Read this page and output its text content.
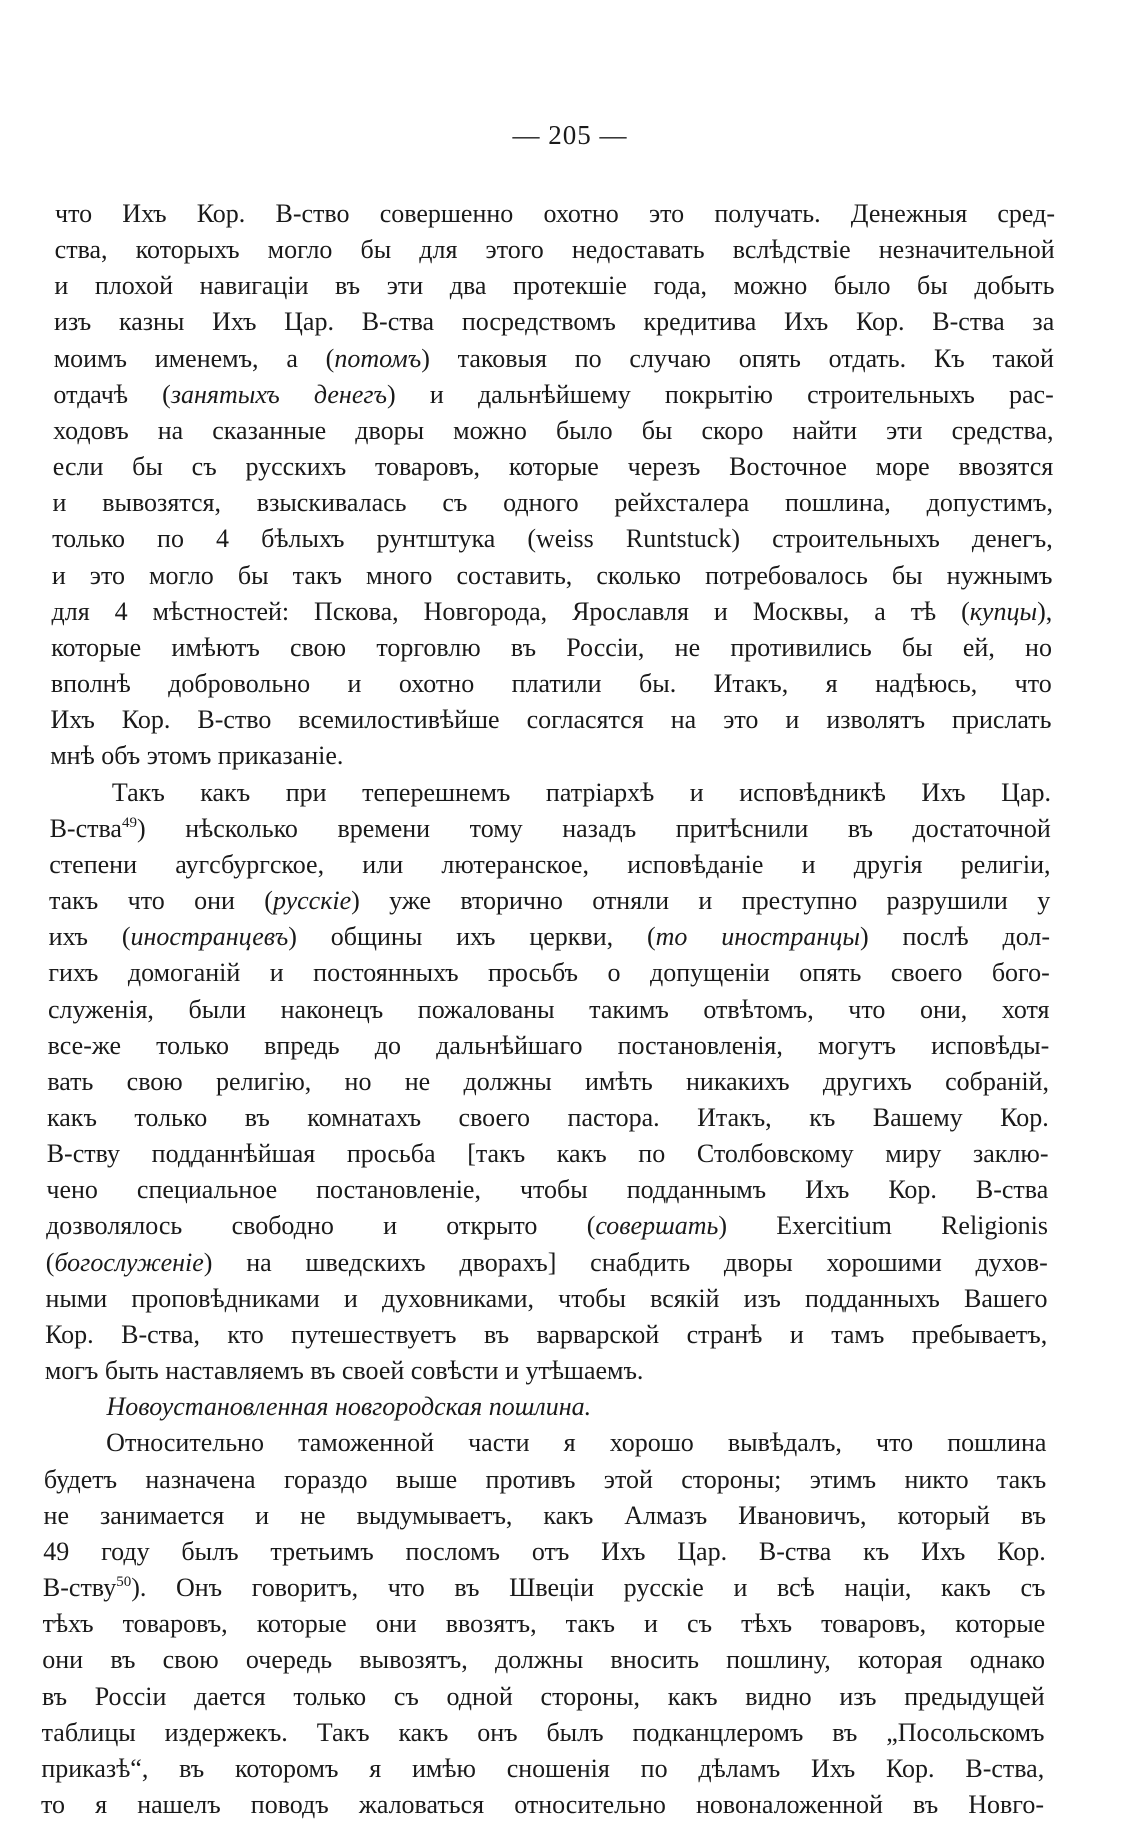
— 205 —
что Ихъ Кор. В-ство совершенно охотно это получать. Денежныя сред-
ства, которыхъ могло бы для этого недоставать вслѣдствіе незначительной
и плохой навигаціи въ эти два протекшіе года, можно было бы добыть
изъ казны Ихъ Цар. В-ства посредствомъ кредитива Ихъ Кор. В-ства за
моимъ именемъ, а (потомъ) таковыя по случаю опять отдать. Къ такой
отдачѣ (занятыхъ денегъ) и дальнѣйшему покрытію строительныхъ рас-
ходовъ на сказанные дворы можно было бы скоро найти эти средства,
если бы съ русскихъ товаровъ, которые черезъ Восточное море ввозятся
и вывозятся, взыскивалась съ одного рейхсталера пошлина, допустимъ,
только по 4 бѣлыхъ рунтштука (weiss Runtstuck) строительныхъ денегъ,
и это могло бы такъ много составить, сколько потребовалось бы нужнымъ
для 4 мѣстностей: Пскова, Новгорода, Ярославля и Москвы, а тѣ (купцы),
которые имѣютъ свою торговлю въ Россіи, не противились бы ей, но
вполнѣ добровольно и охотно платили бы. Итакъ, я надѣюсь, что
Ихъ Кор. В-ство всемилостивѣйше согласятся на это и изволятъ прислать
мнѣ объ этомъ приказаніе.
Такъ какъ при теперешнемъ патріархѣ и исповѣдникѣ Ихъ Цар.
В-ства$^{49}$) нѣсколько времени тому назадъ притѣснили въ достаточной
степени аугсбургское, или лютеранское, исповѣданіе и другія религіи,
такъ что они (русскіе) уже вторично отняли и преступно разрушили у
ихъ (иностранцевъ) общины ихъ церкви, (то иностранцы) послѣ дол-
гихъ домоганій и постоянныхъ просьбъ о допущеніи опять своего бого-
служенія, были наконецъ пожалованы такимъ отвѣтомъ, что они, хотя
все-же только впредь до дальнѣйшаго постановленія, могутъ исповѣды-
вать свою религію, но не должны имѣть никакихъ другихъ собраній,
какъ только въ комнатахъ своего пастора. Итакъ, къ Вашему Кор.
В-ству подданнѣйшая просьба [такъ какъ по Столбовскому миру заклю-
чено специальное постановленіе, чтобы подданнымъ Ихъ Кор. В-ства
дозволялось свободно и открыто (совершать) Exercitium Religionis
(богослуженіе) на шведскихъ дворахъ] снабдить дворы хорошими духов-
ными проповѣдниками и духовниками, чтобы всякій изъ подданныхъ Вашего
Кор. В-ства, кто путешествуетъ въ варварской странѣ и тамъ пребываетъ,
могъ быть наставляемъ въ своей совѣсти и утѣшаемъ.
Новоустановленная новгородская пошлина.
Относительно таможенной части я хорошо вывѣдалъ, что пошлина
будетъ назначена гораздо выше противъ этой стороны; этимъ никто такъ
не занимается и не выдумываетъ, какъ Алмазъ Ивановичъ, который въ
49 году былъ третьимъ посломъ отъ Ихъ Цар. В-ства къ Ихъ Кор.
В-ству$^{50}$). Онъ говоритъ, что въ Швеціи русскіе и всѣ націи, какъ съ
тѣхъ товаровъ, которые они ввозятъ, такъ и съ тѣхъ товаровъ, которые
они въ свою очередь вывозятъ, должны вносить пошлину, которая однако
въ Россіи дается только съ одной стороны, какъ видно изъ предыдущей
таблицы издержекъ. Такъ какъ онъ былъ подканцлеромъ въ „Посольскомъ
приказѣ“, въ которомъ я имѣю сношенія по дѣламъ Ихъ Кор. В-ства,
то я нашелъ поводъ жаловаться относительно новоналоженной въ Новго-
